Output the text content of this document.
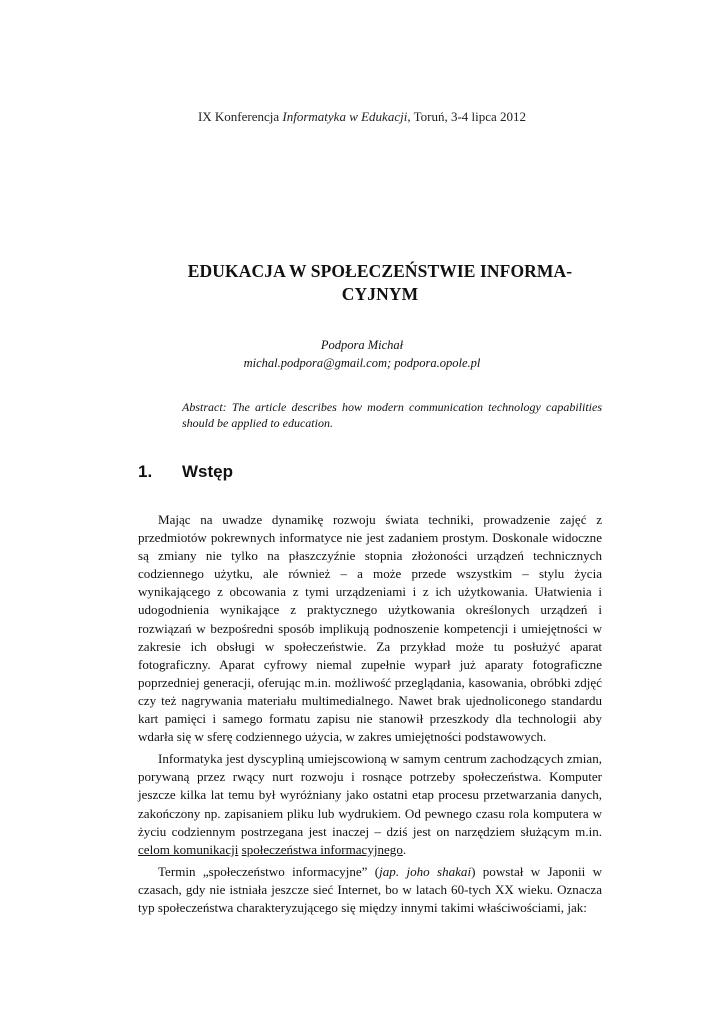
IX Konferencja Informatyka w Edukacji, Toruń, 3-4 lipca 2012
EDUKACJA W SPOŁECZEŃSTWIE INFORMA-CYJNYM
Podpora Michał
michal.podpora@gmail.com; podpora.opole.pl
Abstract: The article describes how modern communication technology capabilities should be applied to education.
1. Wstęp

Mając na uwadze dynamikę rozwoju świata techniki, prowadzenie zajęć z przedmiotów pokrewnych informatyce nie jest zadaniem prostym. Doskonale widoczne są zmiany nie tylko na płaszczyźnie stopnia złożoności urządzeń technicznych codziennego użytku, ale również – a może przede wszystkim – stylu życia wynikającego z obcowania z tymi urządzeniami i z ich użytkowania. Ułatwienia i udogodnienia wynikające z praktycznego użytkowania określonych urządzeń i rozwiązań w bezpośredni sposób implikują podnoszenie kompetencji i umiejętności w zakresie ich obsługi w społeczeństwie. Za przykład może tu posłużyć aparat fotograficzny. Aparat cyfrowy niemal zupełnie wyparł już aparaty fotograficzne poprzedniej generacji, oferując m.in. możliwość przeglądania, kasowania, obróbki zdjęć czy też nagrywania materiału multimedialnego. Nawet brak ujednoliconego standardu kart pamięci i samego formatu zapisu nie stanowił przeszkody dla technologii aby wdarła się w sferę codziennego użycia, w zakres umiejętności podstawowych.

Informatyka jest dyscypliną umiejscowioną w samym centrum zachodzących zmian, porywaną przez rwący nurt rozwoju i rosnące potrzeby społeczeństwa. Komputer jeszcze kilka lat temu był wyróżniany jako ostatni etap procesu przetwarzania danych, zakończony np. zapisaniem pliku lub wydrukiem. Od pewnego czasu rola komputera w życiu codziennym postrzegana jest inaczej – dziś jest on narzędziem służącym m.in. celom komunikacji społeczeństwa informacyjnego.

Termin „społeczeństwo informacyjne” (jap. joho shakai) powstał w Japonii w czasach, gdy nie istniała jeszcze sieć Internet, bo w latach 60-tych XX wieku. Oznacza typ społeczeństwa charakteryzującego się między innymi takimi właściwościami, jak:
